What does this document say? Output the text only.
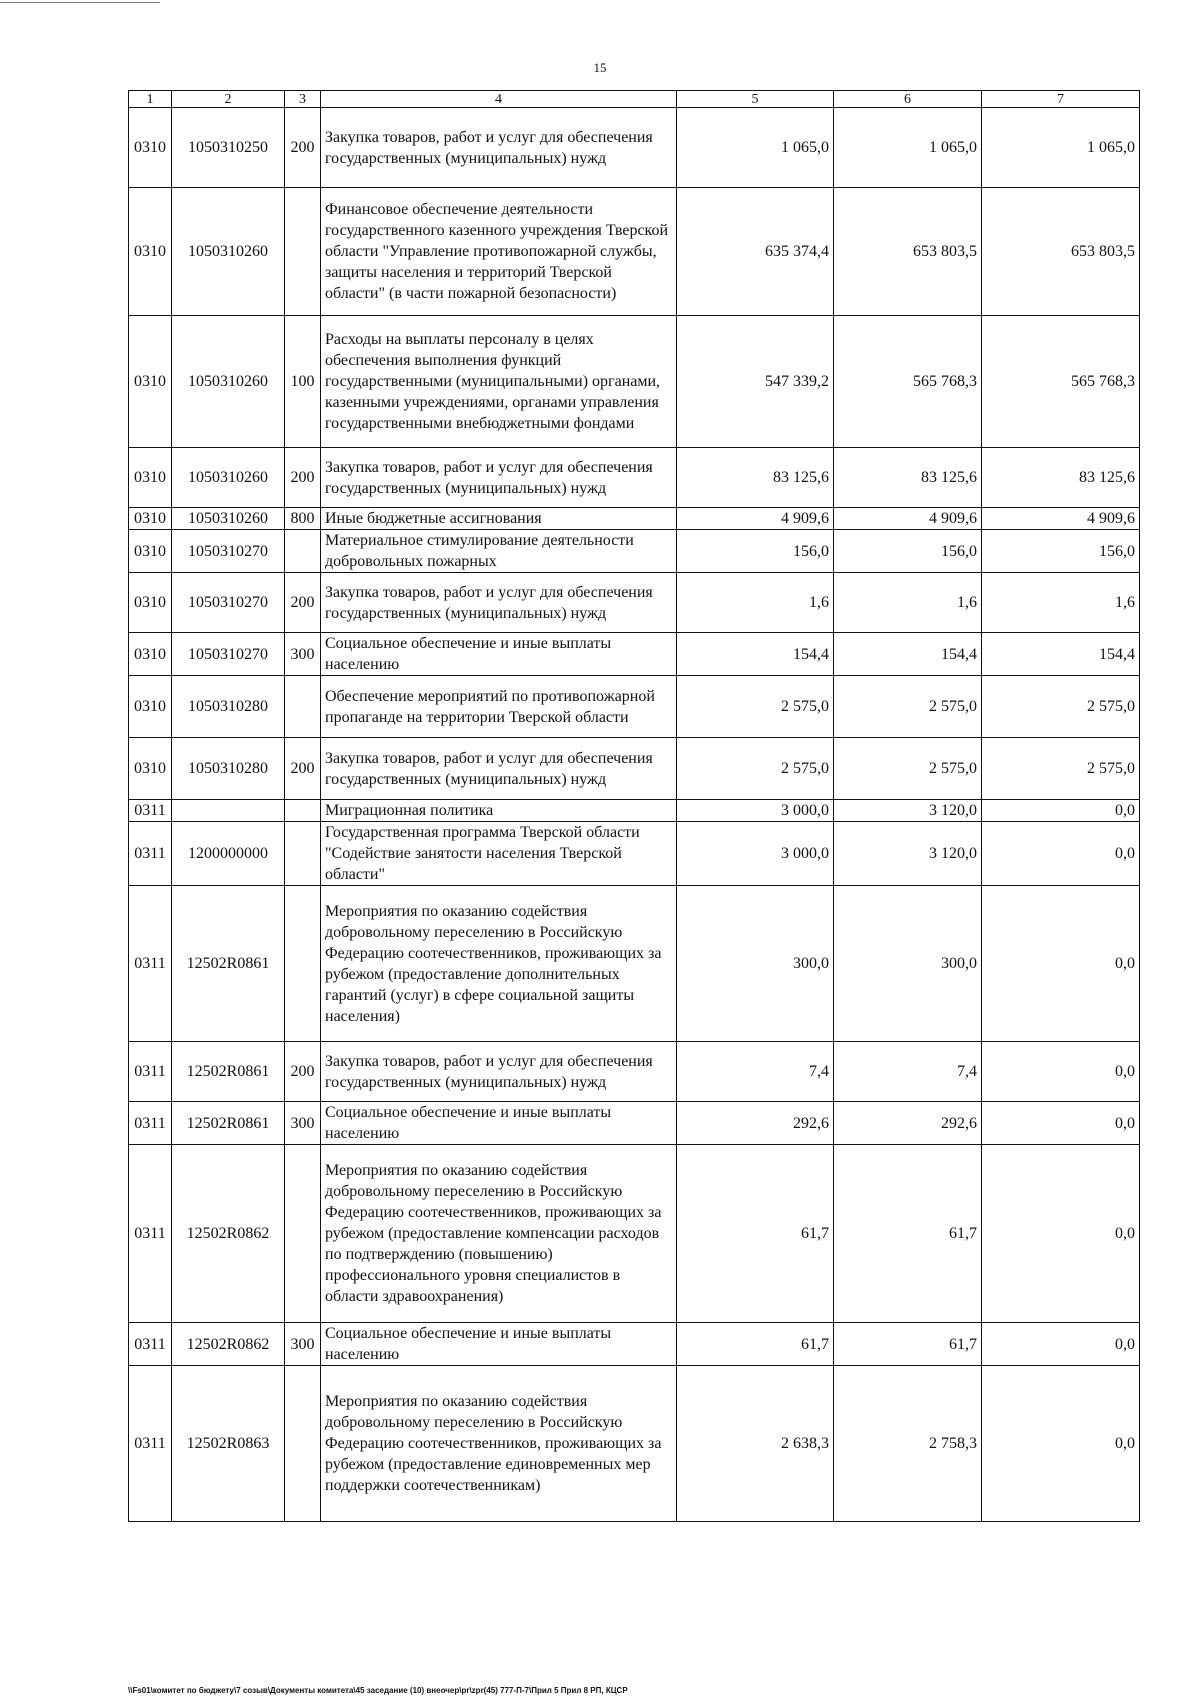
15
1	2	3	4	5	6	7
0310	1050310250	200	Закупка товаров, работ и услуг для обеспечения государственных (муниципальных) нужд	1 065,0	1 065,0	1 065,0
0310	1050310260		Финансовое обеспечение деятельности государственного казенного учреждения Тверской области "Управление противопожарной службы, защиты населения и территорий Тверской области" (в части пожарной безопасности)	635 374,4	653 803,5	653 803,5
0310	1050310260	100	Расходы на выплаты персоналу в целях обеспечения выполнения функций государственными (муниципальными) органами, казенными учреждениями, органами управления государственными внебюджетными фондами	547 339,2	565 768,3	565 768,3
0310	1050310260	200	Закупка товаров, работ и услуг для обеспечения государственных (муниципальных) нужд	83 125,6	83 125,6	83 125,6
0310	1050310260	800	Иные бюджетные ассигнования	4 909,6	4 909,6	4 909,6
0310	1050310270		Материальное стимулирование деятельности добровольных пожарных	156,0	156,0	156,0
0310	1050310270	200	Закупка товаров, работ и услуг для обеспечения государственных (муниципальных) нужд	1,6	1,6	1,6
0310	1050310270	300	Социальное обеспечение и иные выплаты населению	154,4	154,4	154,4
0310	1050310280		Обеспечение мероприятий по противопожарной пропаганде на территории Тверской области	2 575,0	2 575,0	2 575,0
0310	1050310280	200	Закупка товаров, работ и услуг для обеспечения государственных (муниципальных) нужд	2 575,0	2 575,0	2 575,0
0311			Миграционная политика	3 000,0	3 120,0	0,0
0311	1200000000		Государственная программа Тверской области "Содействие занятости населения Тверской области"	3 000,0	3 120,0	0,0
0311	12502R0861		Мероприятия по оказанию содействия добровольному переселению в Российскую Федерацию соотечественников, проживающих за рубежом (предоставление дополнительных гарантий (услуг) в сфере социальной защиты населения)	300,0	300,0	0,0
0311	12502R0861	200	Закупка товаров, работ и услуг для обеспечения государственных (муниципальных) нужд	7,4	7,4	0,0
0311	12502R0861	300	Социальное обеспечение и иные выплаты населению	292,6	292,6	0,0
0311	12502R0862		Мероприятия по оказанию содействия добровольному переселению в Российскую Федерацию соотечественников, проживающих за рубежом (предоставление компенсации расходов по подтверждению (повышению) профессионального уровня специалистов в области здравоохранения)	61,7	61,7	0,0
0311	12502R0862	300	Социальное обеспечение и иные выплаты населению	61,7	61,7	0,0
0311	12502R0863		Мероприятия по оказанию содействия добровольному переселению в Российскую Федерацию соотечественников, проживающих за рубежом (предоставление единовременных мер поддержки соотечественникам)	2 638,3	2 758,3	0,0
\\Fs01\комитет по бюджету\7 созыв\Документы комитета\45 заседание (10) внеочер\pr\zpr(45) 777-П-7\Прил 5 Прил 8 РП, КЦСР
